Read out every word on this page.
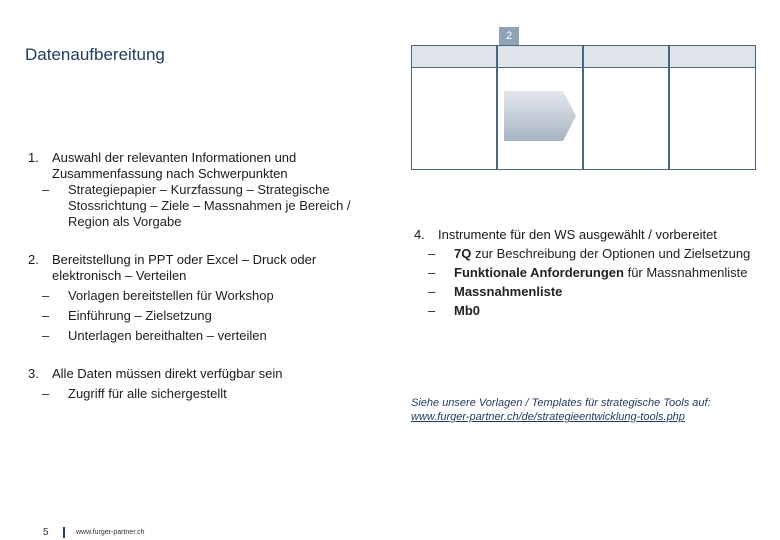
2
Datenaufbereitung
1. Auswahl der relevanten Informationen und Zusammenfassung nach Schwerpunkten
– Strategiepapier – Kurzfassung – Strategische Stossrichtung – Ziele – Massnahmen je Bereich / Region als Vorgabe
2. Bereitstellung in PPT oder Excel – Druck oder elektronisch – Verteilen
– Vorlagen bereitstellen für Workshop
– Einführung – Zielsetzung
– Unterlagen bereithalten – verteilen
3. Alle Daten müssen direkt verfügbar sein
– Zugriff für alle sichergestellt
4. Instrumente für den WS ausgewählt / vorbereitet
– 7Q zur Beschreibung der Optionen und Zielsetzung
– Funktionale Anforderungen für Massnahmenliste
– Massnahmenliste
– Mb0
Siehe unsere Vorlagen / Templates für strategische Tools auf:
www.furger-partner.ch/de/strategieentwicklung-tools.php
5	www.furger-partner.ch
